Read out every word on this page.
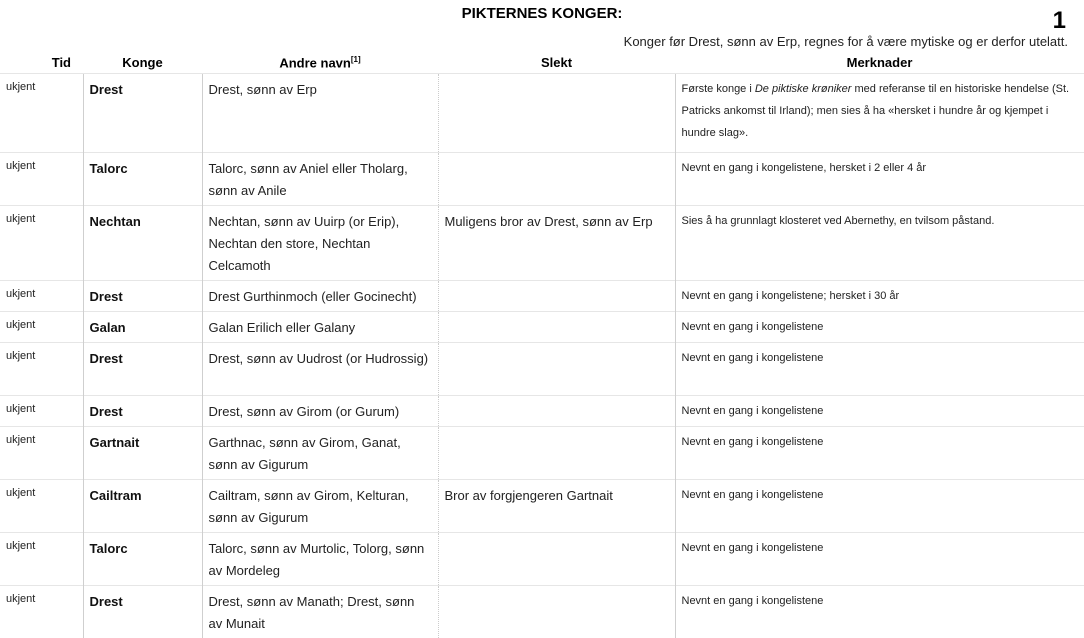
PIKTERNES KONGER:	1
Konger før Drest, sønn av Erp, regnes for å være mytiske og er derfor utelatt.
Tid	Konge	Andre navn[1]	Slekt	Merknader
ukjent	Drest	Drest, sønn av Erp		Første konge i De piktiske krøniker med referanse til en historiske hendelse (St. Patricks ankomst til Irland); men sies å ha «hersket i hundre år og kjempet i hundre slag».
ukjent	Talorc	Talorc, sønn av Aniel eller Tholarg, sønn av Anile		Nevnt en gang i kongelistene, hersket i 2 eller 4 år
ukjent	Nechtan	Nechtan, sønn av Uuirp (or Erip), Nechtan den store, Nechtan Celcamoth	Muligens bror av Drest, sønn av Erp	Sies å ha grunnlagt klosteret ved Abernethy, en tvilsom påstand.
ukjent	Drest	Drest Gurthinmoch (eller Gocinecht)		Nevnt en gang i kongelistene; hersket i 30 år
ukjent	Galan	Galan Erilich eller Galany		Nevnt en gang i kongelistene
ukjent	Drest	Drest, sønn av Uudrost (or Hudrossig)		Nevnt en gang i kongelistene
ukjent	Drest	Drest, sønn av Girom (or Gurum)		Nevnt en gang i kongelistene
ukjent	Gartnait	Garthnac, sønn av Girom, Ganat, sønn av Gigurum		Nevnt en gang i kongelistene
ukjent	Cailtram	Cailtram, sønn av Girom, Kelturan, sønn av Gigurum	Bror av forgjengeren Gartnait	Nevnt en gang i kongelistene
ukjent	Talorc	Talorc, sønn av Murtolic, Tolorg, sønn av Mordeleg		Nevnt en gang i kongelistene
ukjent	Drest	Drest, sønn av Manath; Drest, sønn av Munait		Nevnt en gang i kongelistene
